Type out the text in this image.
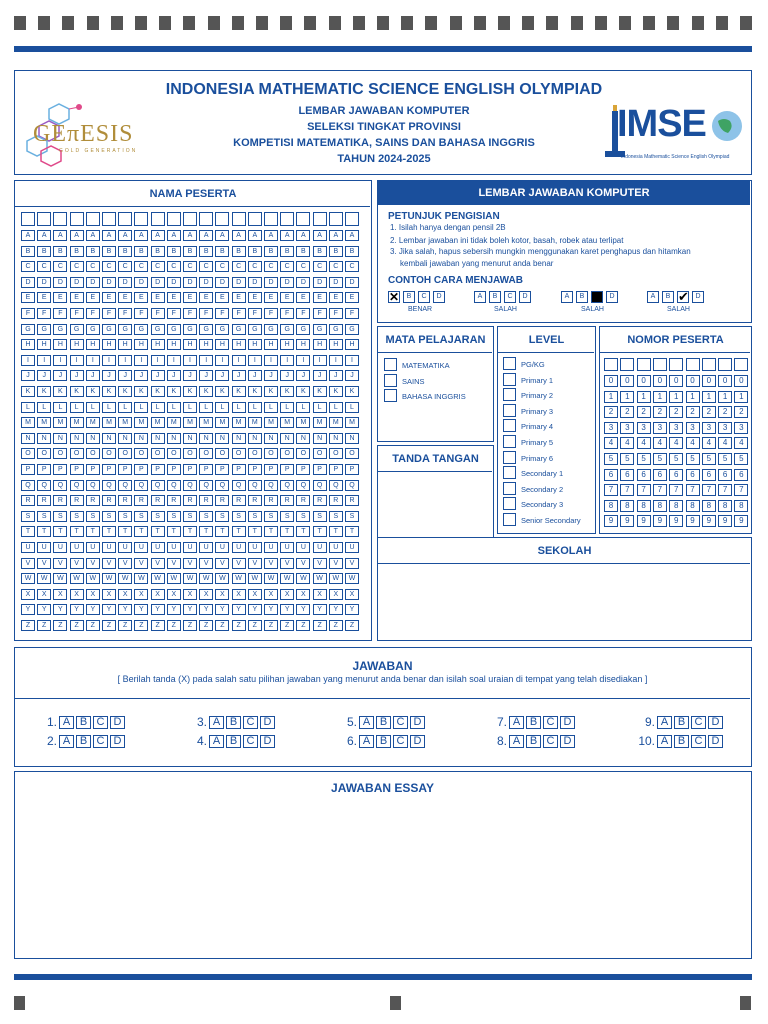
INDONESIA MATHEMATIC SCIENCE ENGLISH OLYMPIAD
LEMBAR JAWABAN KOMPUTER
SELEKSI TINGKAT PROVINSI
KOMPETISI MATEMATIKA, SAINS DAN BAHASA INGGRIS
TAHUN 2024-2025
GEπESIS
GOLD GENERATION
IMSE
Indonesia Mathematic Science English Olympiad
NAMA PESERTA
A	A	A	A	A	A	A	A	A	A	A	A	A	A	A	A	A	A	A	A	A
B	B	B	B	B	B	B	B	B	B	B	B	B	B	B	B	B	B	B	B	B
C	C	C	C	C	C	C	C	C	C	C	C	C	C	C	C	C	C	C	C	C
D	D	D	D	D	D	D	D	D	D	D	D	D	D	D	D	D	D	D	D	D
E	E	E	E	E	E	E	E	E	E	E	E	E	E	E	E	E	E	E	E	E
F	F	F	F	F	F	F	F	F	F	F	F	F	F	F	F	F	F	F	F	F
G	G	G	G	G	G	G	G	G	G	G	G	G	G	G	G	G	G	G	G	G
H	H	H	H	H	H	H	H	H	H	H	H	H	H	H	H	H	H	H	H	H
I	I	I	I	I	I	I	I	I	I	I	I	I	I	I	I	I	I	I	I	I
J	J	J	J	J	J	J	J	J	J	J	J	J	J	J	J	J	J	J	J	J
K	K	K	K	K	K	K	K	K	K	K	K	K	K	K	K	K	K	K	K	K
L	L	L	L	L	L	L	L	L	L	L	L	L	L	L	L	L	L	L	L	L
M	M	M	M	M	M	M	M	M	M	M	M	M	M	M	M	M	M	M	M	M
N	N	N	N	N	N	N	N	N	N	N	N	N	N	N	N	N	N	N	N	N
O	O	O	O	O	O	O	O	O	O	O	O	O	O	O	O	O	O	O	O	O
P	P	P	P	P	P	P	P	P	P	P	P	P	P	P	P	P	P	P	P	P
Q	Q	Q	Q	Q	Q	Q	Q	Q	Q	Q	Q	Q	Q	Q	Q	Q	Q	Q	Q	Q
R	R	R	R	R	R	R	R	R	R	R	R	R	R	R	R	R	R	R	R	R
S	S	S	S	S	S	S	S	S	S	S	S	S	S	S	S	S	S	S	S	S
T	T	T	T	T	T	T	T	T	T	T	T	T	T	T	T	T	T	T	T	T
U	U	U	U	U	U	U	U	U	U	U	U	U	U	U	U	U	U	U	U	U
V	V	V	V	V	V	V	V	V	V	V	V	V	V	V	V	V	V	V	V	V
W	W	W	W	W	W	W	W	W	W	W	W	W	W	W	W	W	W	W	W	W
X	X	X	X	X	X	X	X	X	X	X	X	X	X	X	X	X	X	X	X	X
Y	Y	Y	Y	Y	Y	Y	Y	Y	Y	Y	Y	Y	Y	Y	Y	Y	Y	Y	Y	Y
Z	Z	Z	Z	Z	Z	Z	Z	Z	Z	Z	Z	Z	Z	Z	Z	Z	Z	Z	Z	Z
LEMBAR JAWABAN KOMPUTER
PETUNJUK PENGISIAN
1. Isilah hanya dengan pensil 2B
2. Lembar jawaban ini tidak boleh kotor, basah, robek atau terlipat
3. Jika salah, hapus sebersih mungkin menggunakan karet penghapus dan hitamkan
kembali jawaban yang menurut anda benar
CONTOH CARA MENJAWAB
✕	B	C	D
BENAR
A	B	C	D
SALAH
A	B	D
SALAH
A	B ✔ D
SALAH
MATA PELAJARAN
MATEMATIKA
SAINS
BAHASA INGGRIS
TANDA TANGAN
LEVEL
PG/KG
Primary 1
Primary 2
Primary 3
Primary 4
Primary 5
Primary 6
Secondary 1
Secondary 2
Secondary 3
Senior Secondary
NOMOR PESERTA
0	0	0	0	0	0	0	0	0
1	1	1	1	1	1	1	1	1
2	2	2	2	2	2	2	2	2
3	3	3	3	3	3	3	3	3
4	4	4	4	4	4	4	4	4
5	5	5	5	5	5	5	5	5
6	6	6	6	6	6	6	6	6
7	7	7	7	7	7	7	7	7
8	8	8	8	8	8	8	8	8
9	9	9	9	9	9	9	9	9
SEKOLAH
JAWABAN
[ Berilah tanda (X) pada salah satu pilihan jawaban yang menurut anda benar dan isilah soal uraian di tempat yang telah disediakan ]
1. A B C D
2. A B C D
3. A B C D
4. A B C D
5. A B C D
6. A B C D
7. A B C D
8. A B C D
9. A B C D
10. A B C D
JAWABAN ESSAY
